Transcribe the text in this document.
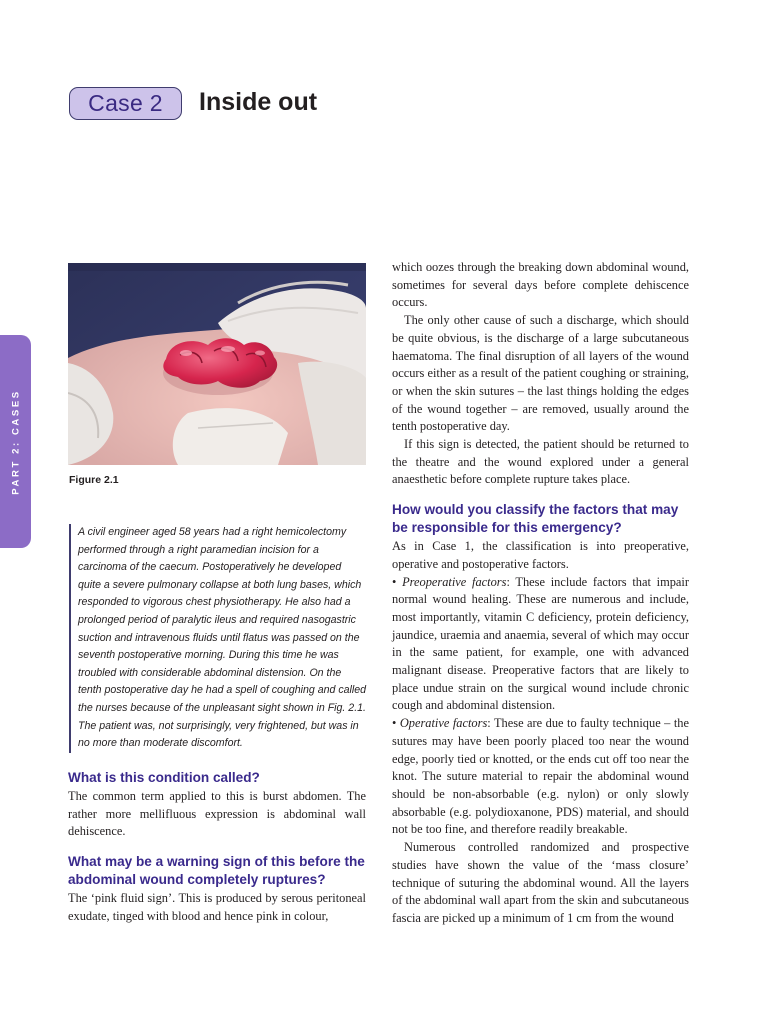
Case 2 Inside out
PART 2: CASES	Figure 2.1

A civil engineer aged 58 years had a right hemicolectomy performed through a right paramedian incision for a carcinoma of the caecum. Postoperatively he developed quite a severe pulmonary collapse at both lung bases, which responded to vigorous chest physiotherapy. He also had a prolonged period of paralytic ileus and required nasogastric suction and intravenous fluids until flatus was passed on the seventh postoperative morning. During this time he was troubled with considerable abdominal distension. On the tenth postoperative day he had a spell of coughing and called the nurses because of the unpleasant sight shown in Fig. 2.1. The patient was, not surprisingly, very frightened, but was in no more than moderate discomfort.

What is this condition called?

The common term applied to this is burst abdomen. The rather more mellifluous expression is abdominal wall dehiscence.

What may be a warning sign of this before the abdominal wound completely ruptures?

The ‘pink fluid sign’. This is produced by serous peritoneal exudate, tinged with blood and hence pink in colour,

which oozes through the breaking down abdominal wound, sometimes for several days before complete dehiscence occurs.

The only other cause of such a discharge, which should be quite obvious, is the discharge of a large subcutaneous haematoma. The final disruption of all layers of the wound occurs either as a result of the patient coughing or straining, or when the skin sutures – the last things holding the edges of the wound together – are removed, usually around the tenth postoperative day.

If this sign is detected, the patient should be returned to the theatre and the wound explored under a general anaesthetic before complete rupture takes place.

How would you classify the factors that may be responsible for this emergency?

As in Case 1, the classification is into preoperative, operative and postoperative factors.

• Preoperative factors: These include factors that impair normal wound healing. These are numerous and include, most importantly, vitamin C deficiency, protein deficiency, jaundice, uraemia and anaemia, several of which may occur in the same patient, for example, one with advanced malignant disease. Preoperative factors that are likely to place undue strain on the surgical wound include chronic cough and abdominal distension.

• Operative factors: These are due to faulty technique – the sutures may have been poorly placed too near the wound edge, poorly tied or knotted, or the ends cut off too near the knot. The suture material to repair the abdominal wound should be non-absorbable (e.g. nylon) or only slowly absorbable (e.g. polydioxanone, PDS) material, and should not be too fine, and therefore readily breakable.

Numerous controlled randomized and prospective studies have shown the value of the ‘mass closure’ technique of suturing the abdominal wound. All the layers of the abdominal wall apart from the skin and subcutaneous fascia are picked up a minimum of 1 cm from the wound
